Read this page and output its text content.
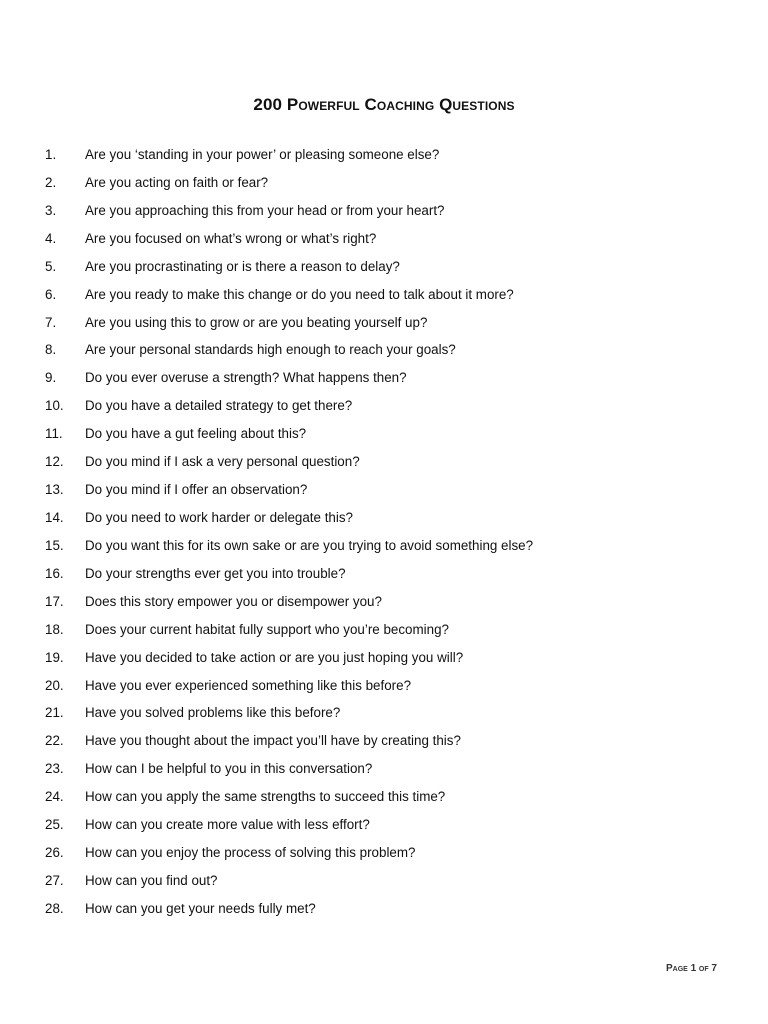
200 Powerful Coaching Questions
1. Are you ‘standing in your power’ or pleasing someone else?
2. Are you acting on faith or fear?
3. Are you approaching this from your head or from your heart?
4. Are you focused on what’s wrong or what’s right?
5. Are you procrastinating or is there a reason to delay?
6. Are you ready to make this change or do you need to talk about it more?
7. Are you using this to grow or are you beating yourself up?
8. Are your personal standards high enough to reach your goals?
9. Do you ever overuse a strength? What happens then?
10. Do you have a detailed strategy to get there?
11. Do you have a gut feeling about this?
12. Do you mind if I ask a very personal question?
13. Do you mind if I offer an observation?
14. Do you need to work harder or delegate this?
15. Do you want this for its own sake or are you trying to avoid something else?
16. Do your strengths ever get you into trouble?
17. Does this story empower you or disempower you?
18. Does your current habitat fully support who you’re becoming?
19. Have you decided to take action or are you just hoping you will?
20. Have you ever experienced something like this before?
21. Have you solved problems like this before?
22. Have you thought about the impact you’ll have by creating this?
23. How can I be helpful to you in this conversation?
24. How can you apply the same strengths to succeed this time?
25. How can you create more value with less effort?
26. How can you enjoy the process of solving this problem?
27. How can you find out?
28. How can you get your needs fully met?
Page 1 of 7
